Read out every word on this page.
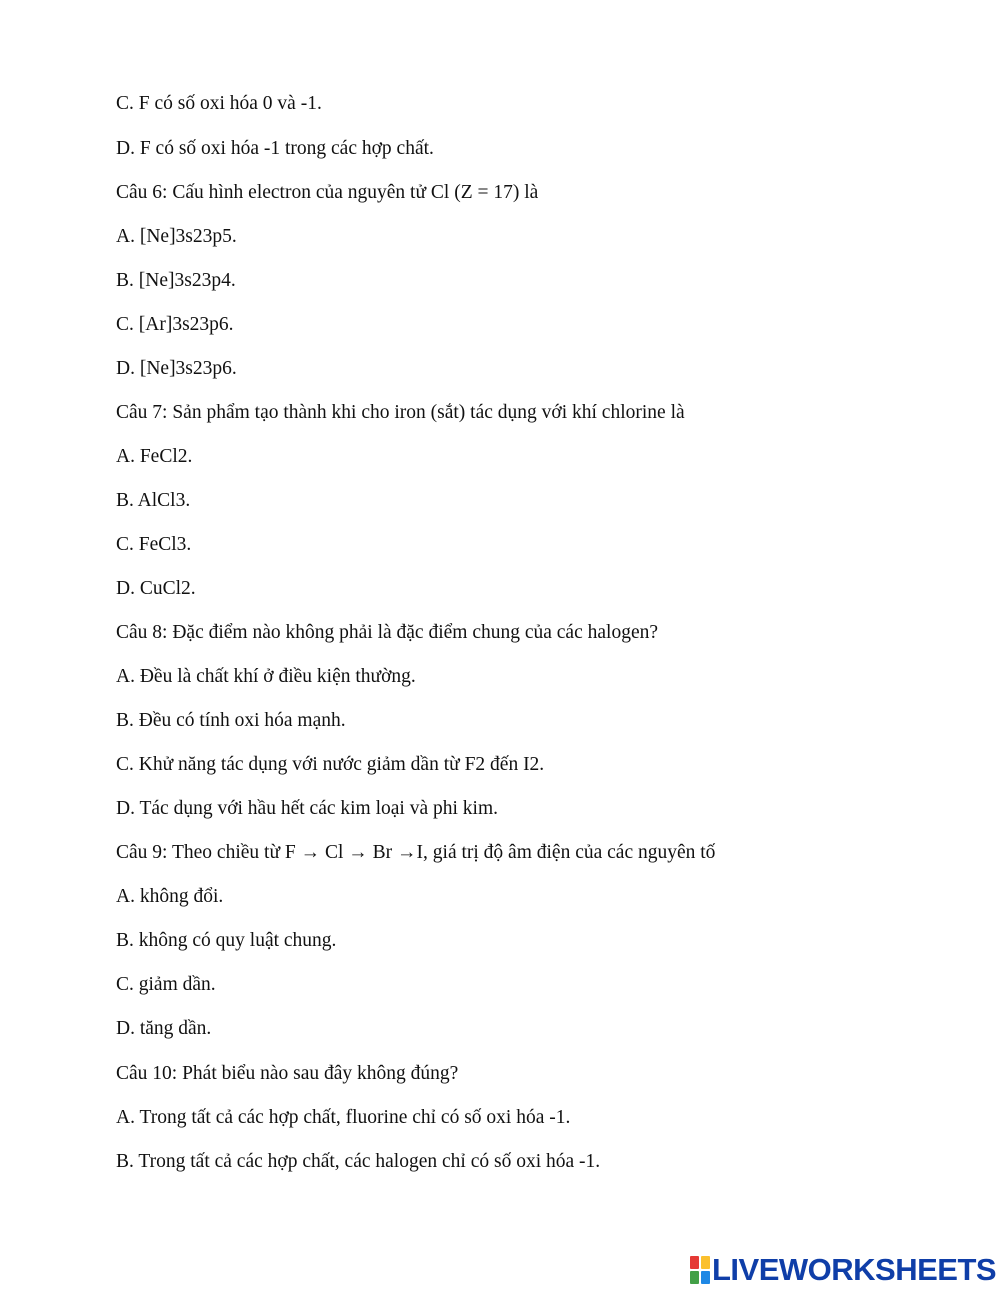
C. F có số oxi hóa 0 và -1.
D. F có số oxi hóa -1 trong các hợp chất.
Câu 6: Cấu hình electron của nguyên tử Cl (Z = 17) là
A. [Ne]3s23p5.
B. [Ne]3s23p4.
C. [Ar]3s23p6.
D. [Ne]3s23p6.
Câu 7: Sản phẩm tạo thành khi cho iron (sắt) tác dụng với khí chlorine là
A. FeCl2.
B. AlCl3.
C. FeCl3.
D. CuCl2.
Câu 8: Đặc điểm nào không phải là đặc điểm chung của các halogen?
A. Đều là chất khí ở điều kiện thường.
B. Đều có tính oxi hóa mạnh.
C. Khử năng tác dụng với nước giảm dần từ F2 đến I2.
D. Tác dụng với hầu hết các kim loại và phi kim.
Câu 9: Theo chiều từ F → Cl → Br →I, giá trị độ âm điện của các nguyên tố
A. không đổi.
B. không có quy luật chung.
C. giảm dần.
D. tăng dần.
Câu 10: Phát biểu nào sau đây không đúng?
A. Trong tất cả các hợp chất, fluorine chỉ có số oxi hóa -1.
B. Trong tất cả các hợp chất, các halogen chỉ có số oxi hóa -1.
LIVEWORKSHEETS
